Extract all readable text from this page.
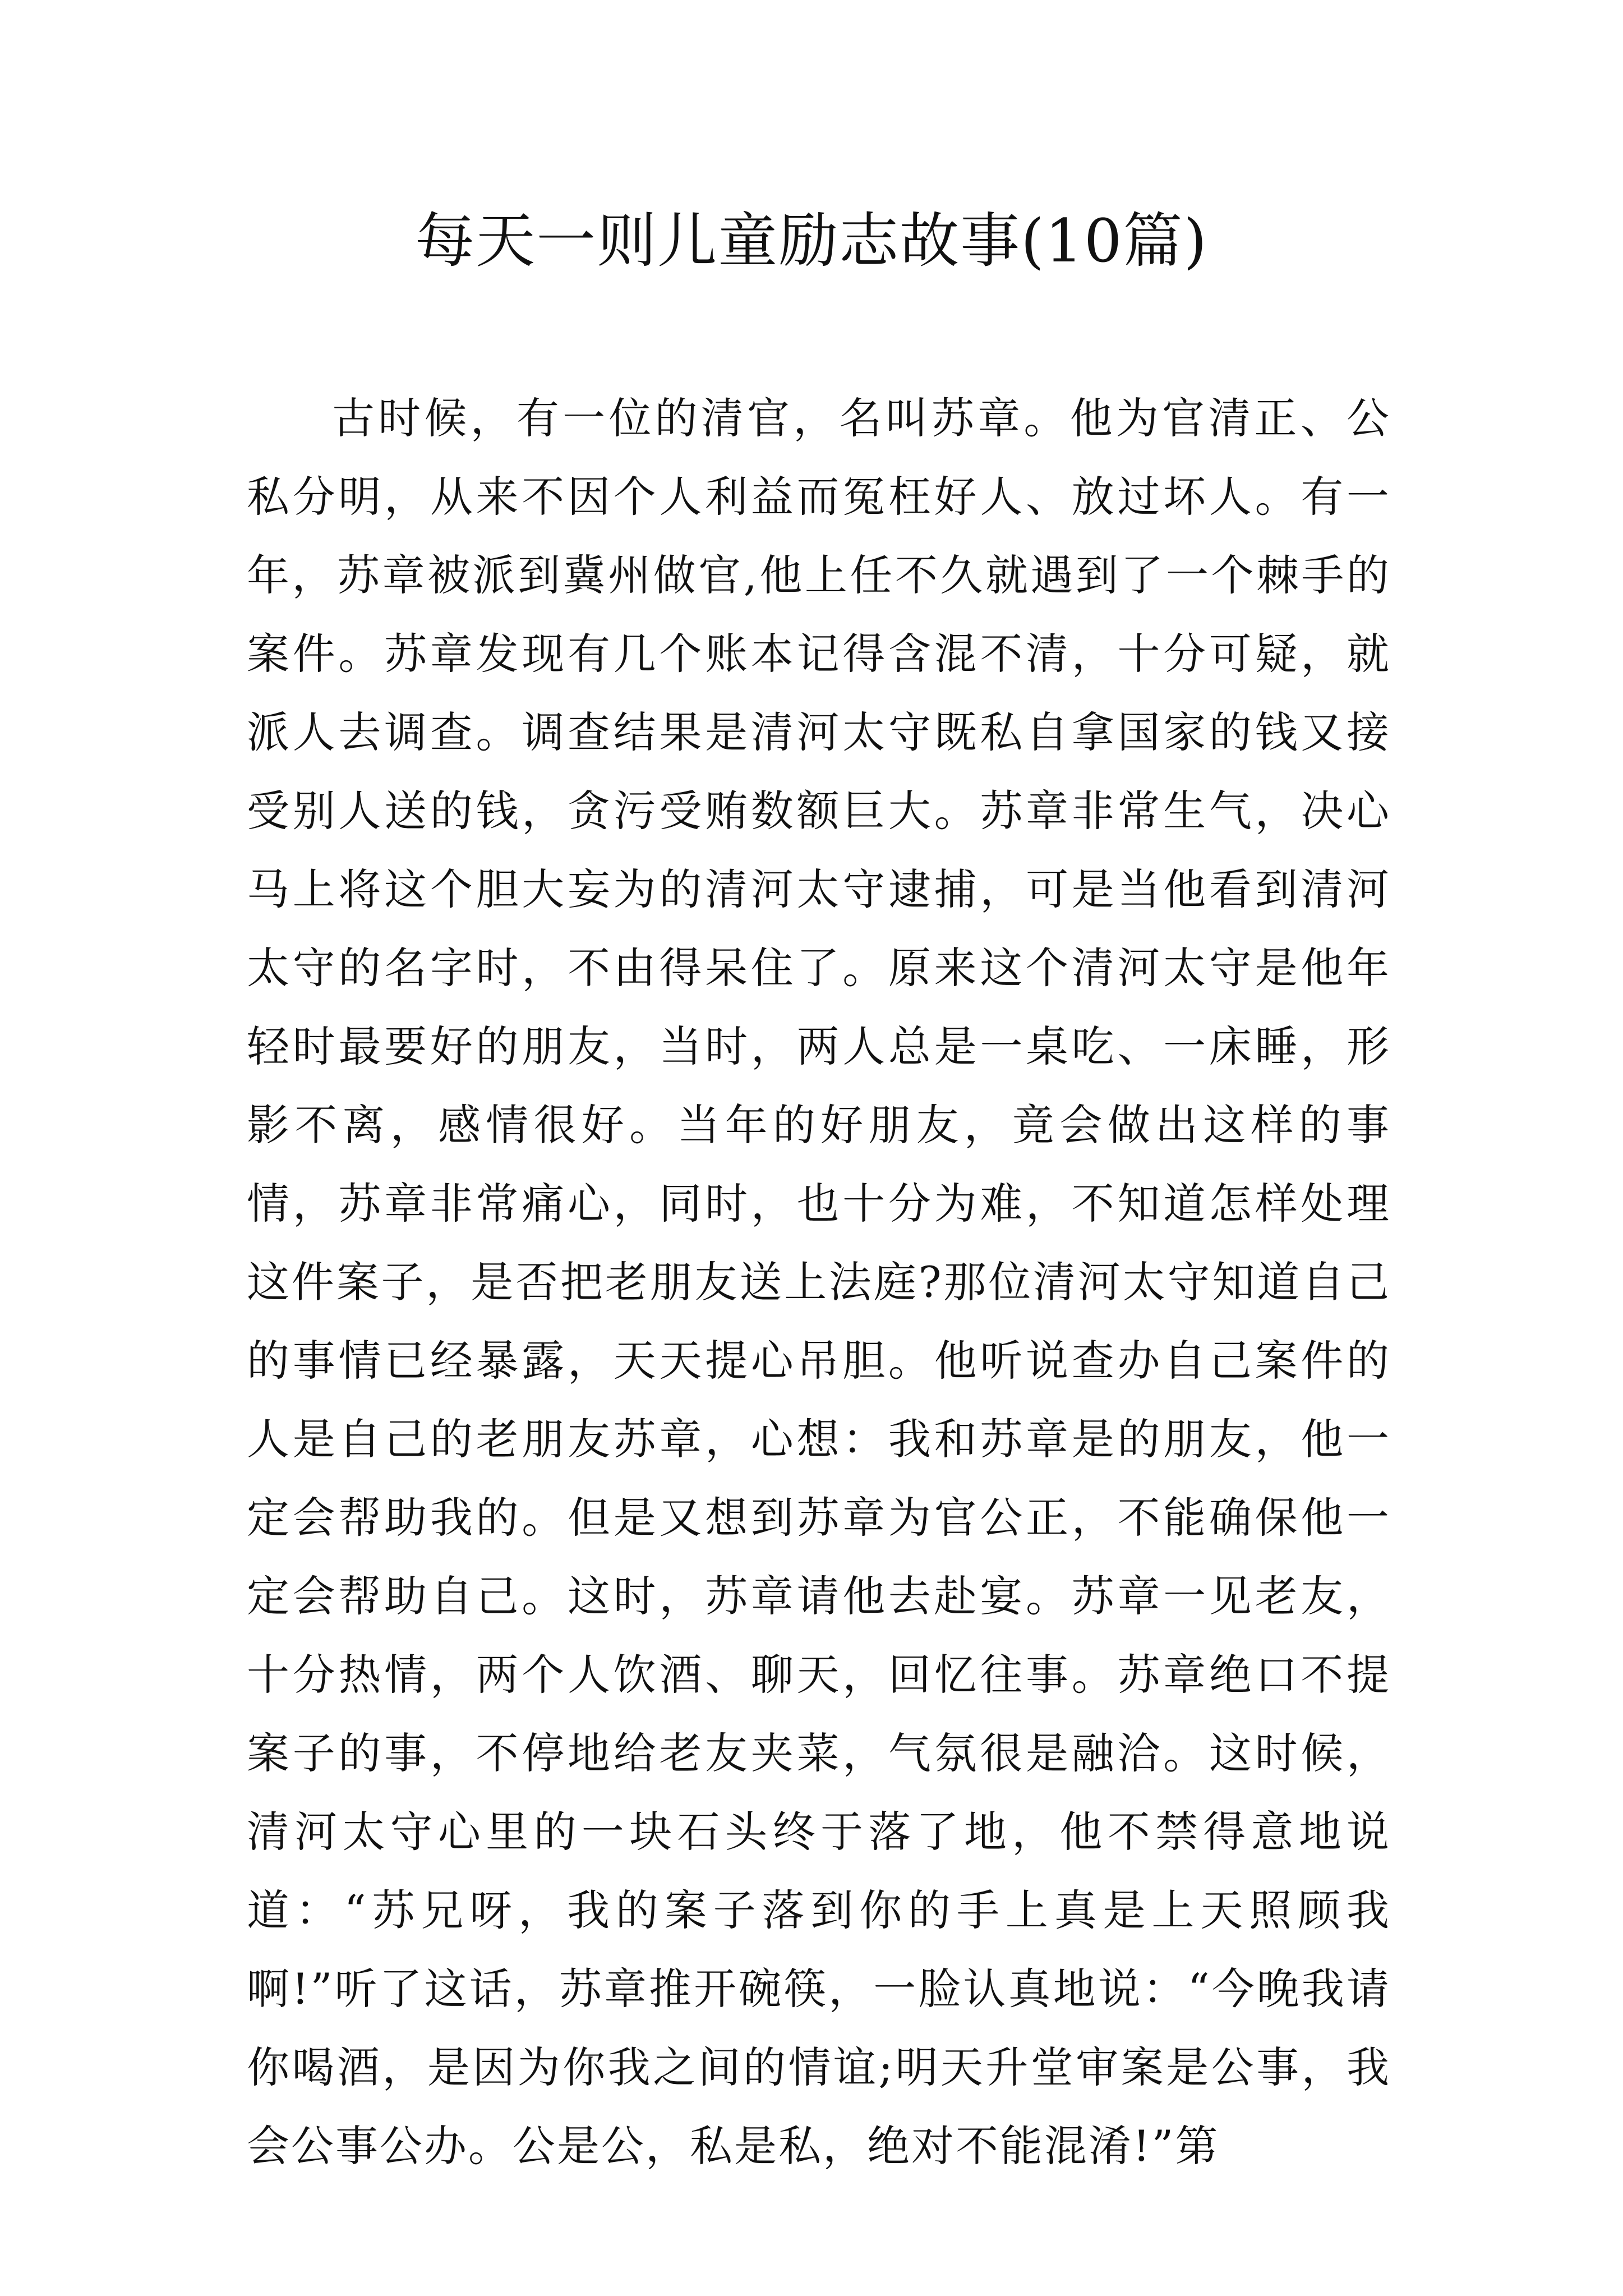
每天一则儿童励志故事(10篇)

古时候，有一位的清官，名叫苏章。他为官清正、公私分明，从来不因个人利益而冤枉好人、放过坏人。有一年，苏章被派到冀州做官,他上任不久就遇到了一个棘手的案件。苏章发现有几个账本记得含混不清，十分可疑，就派人去调查。调查结果是清河太守既私自拿国家的钱又接受别人送的钱，贪污受贿数额巨大。苏章非常生气，决心马上将这个胆大妄为的清河太守逮捕，可是当他看到清河太守的名字时，不由得呆住了。原来这个清河太守是他年轻时最要好的朋友，当时，两人总是一桌吃、一床睡，形影不离，感情很好。当年的好朋友，竟会做出这样的事情，苏章非常痛心，同时，也十分为难，不知道怎样处理这件案子，是否把老朋友送上法庭?那位清河太守知道自己的事情已经暴露，天天提心吊胆。他听说查办自己案件的人是自己的老朋友苏章，心想：我和苏章是的朋友，他一定会帮助我的。但是又想到苏章为官公正，不能确保他一定会帮助自己。这时，苏章请他去赴宴。苏章一见老友，十分热情，两个人饮酒、聊天，回忆往事。苏章绝口不提案子的事，不停地给老友夹菜，气氛很是融洽。这时候，清河太守心里的一块石头终于落了地，他不禁得意地说道：“苏兄呀，我的案子落到你的手上真是上天照顾我啊!”听了这话，苏章推开碗筷，一脸认真地说：“今晚我请你喝酒，是因为你我之间的情谊;明天升堂审案是公事，我会公事公办。公是公，私是私，绝对不能混淆!”第
